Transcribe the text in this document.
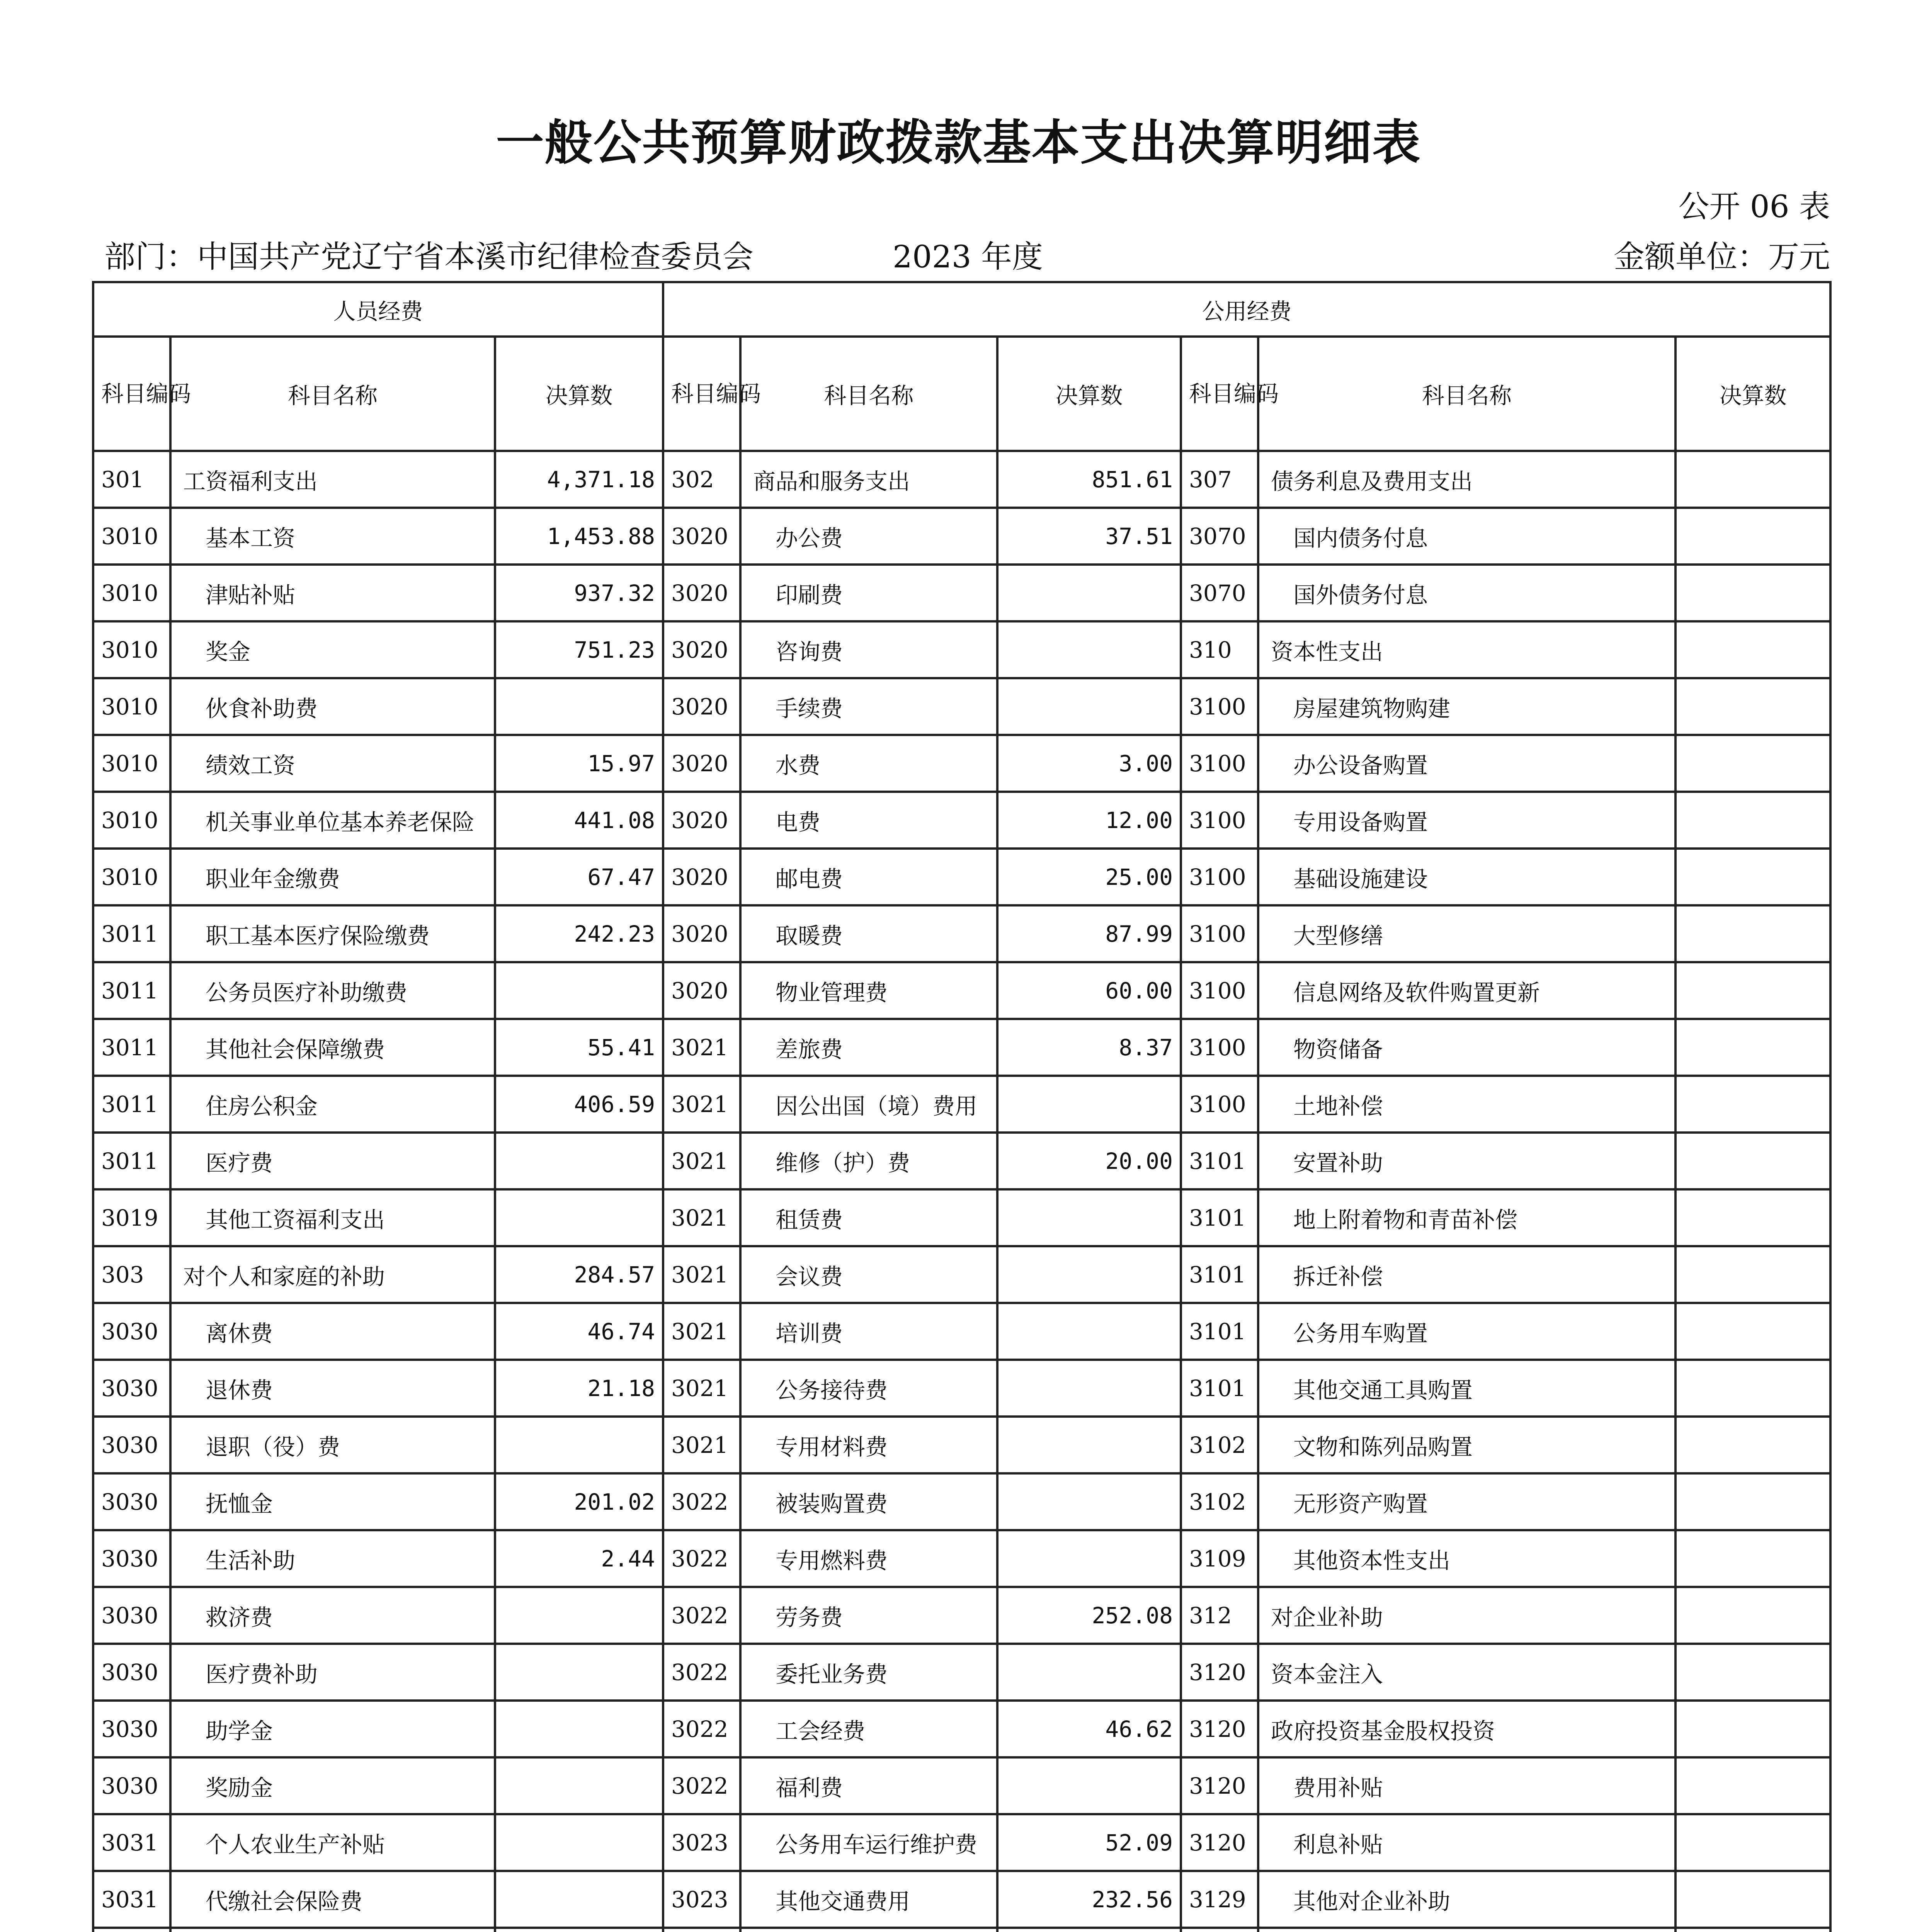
一般公共预算财政拨款基本支出决算明细表
公开 06 表
部门：中国共产党辽宁省本溪市纪律检查委员会	2023 年度	金额单位：万元
人员经费			公用经费					
科目编码	科目名称	决算数	科目编码	科目名称	决算数	科目编码	科目名称	决算数
301	工资福利支出	4,371.18	302	商品和服务支出	851.61	307	债务利息及费用支出	
3010	基本工资	1,453.88	3020	办公费	37.51	3070	国内债务付息	
3010	津贴补贴	937.32	3020	印刷费		3070	国外债务付息	
3010	奖金	751.23	3020	咨询费		310	资本性支出	
3010	伙食补助费		3020	手续费		3100	房屋建筑物购建	
3010	绩效工资	15.97	3020	水费	3.00	3100	办公设备购置	
3010	机关事业单位基本养老保险	441.08	3020	电费	12.00	3100	专用设备购置	
3010	职业年金缴费	67.47	3020	邮电费	25.00	3100	基础设施建设	
3011	职工基本医疗保险缴费	242.23	3020	取暖费	87.99	3100	大型修缮	
3011	公务员医疗补助缴费		3020	物业管理费	60.00	3100	信息网络及软件购置更新	
3011	其他社会保障缴费	55.41	3021	差旅费	8.37	3100	物资储备	
3011	住房公积金	406.59	3021	因公出国（境）费用		3100	土地补偿	
3011	医疗费		3021	维修（护）费	20.00	3101	安置补助	
3019	其他工资福利支出		3021	租赁费		3101	地上附着物和青苗补偿	
303	对个人和家庭的补助	284.57	3021	会议费		3101	拆迁补偿	
3030	离休费	46.74	3021	培训费		3101	公务用车购置	
3030	退休费	21.18	3021	公务接待费		3101	其他交通工具购置	
3030	退职（役）费		3021	专用材料费		3102	文物和陈列品购置	
3030	抚恤金	201.02	3022	被装购置费		3102	无形资产购置	
3030	生活补助	2.44	3022	专用燃料费		3109	其他资本性支出	
3030	救济费		3022	劳务费	252.08	312	对企业补助	
3030	医疗费补助		3022	委托业务费		3120	资本金注入	
3030	助学金		3022	工会经费	46.62	3120	政府投资基金股权投资	
3030	奖励金		3022	福利费		3120	费用补贴	
3031	个人农业生产补贴		3023	公务用车运行维护费	52.09	3120	利息补贴	
3031	代缴社会保险费		3023	其他交通费用	232.56	3129	其他对企业补助	
